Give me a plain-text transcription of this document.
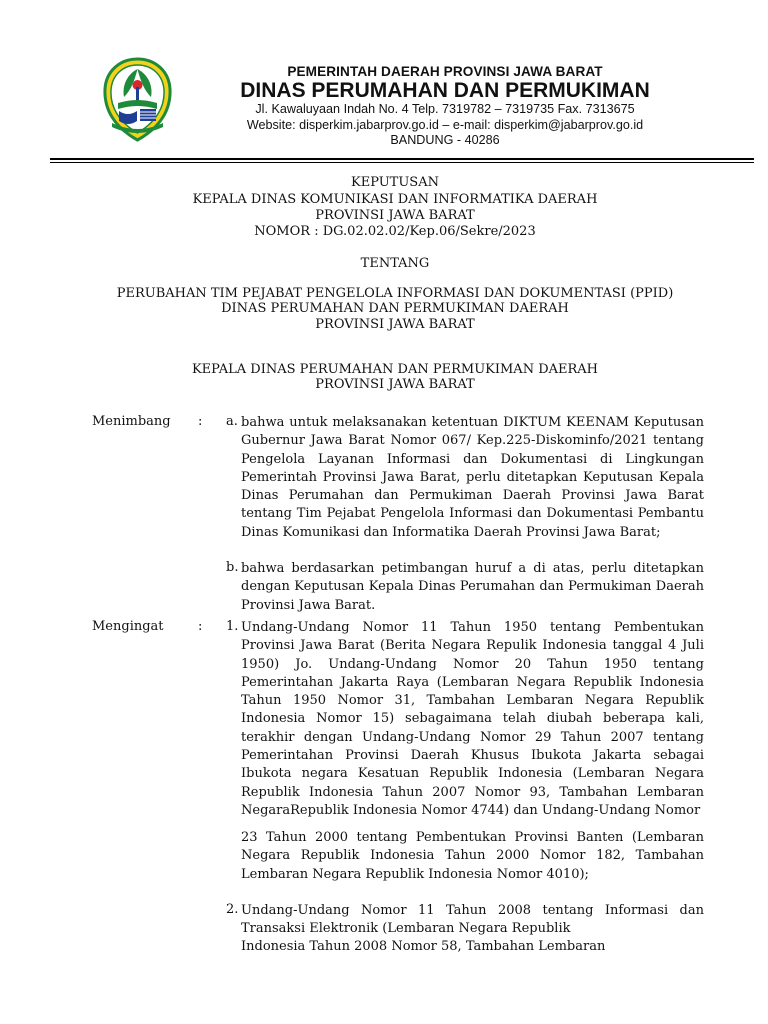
PEMERINTAH DAERAH PROVINSI JAWA BARAT
DINAS PERUMAHAN DAN PERMUKIMAN
Jl. Kawaluyaan Indah No. 4 Telp. 7319782 – 7319735 Fax. 7313675
Website: disperkim.jabarprov.go.id – e-mail: disperkim@jabarprov.go.id
BANDUNG - 40286
KEPUTUSAN
KEPALA DINAS KOMUNIKASI DAN INFORMATIKA DAERAH
PROVINSI JAWA BARAT
NOMOR : DG.02.02.02/Kep.06/Sekre/2023
TENTANG
PERUBAHAN TIM PEJABAT PENGELOLA INFORMASI DAN DOKUMENTASI (PPID)
DINAS PERUMAHAN DAN PERMUKIMAN DAERAH
PROVINSI JAWA BARAT
KEPALA DINAS PERUMAHAN DAN PERMUKIMAN DAERAH
PROVINSI JAWA BARAT
Menimbang : a. bahwa untuk melaksanakan ketentuan DIKTUM KEENAM Keputusan Gubernur Jawa Barat Nomor 067/ Kep.225-Diskominfo/2021 tentang Pengelola Layanan Informasi dan Dokumentasi di Lingkungan Pemerintah Provinsi Jawa Barat, perlu ditetapkan Keputusan Kepala Dinas Perumahan dan Permukiman Daerah Provinsi Jawa Barat tentang Tim Pejabat Pengelola Informasi dan Dokumentasi Pembantu Dinas Komunikasi dan Informatika Daerah Provinsi Jawa Barat;
b. bahwa berdasarkan petimbangan huruf a di atas, perlu ditetapkan dengan Keputusan Kepala Dinas Perumahan dan Permukiman Daerah Provinsi Jawa Barat.
Mengingat	: 1. Undang-Undang Nomor 11 Tahun 1950 tentang Pembentukan Provinsi Jawa Barat (Berita Negara Repulik Indonesia tanggal 4 Juli 1950) Jo. Undang-Undang Nomor 20 Tahun 1950 tentang Pemerintahan Jakarta Raya (Lembaran Negara Republik Indonesia Tahun 1950 Nomor 31, Tambahan Lembaran Negara Republik Indonesia Nomor 15) sebagaimana telah diubah beberapa kali, terakhir dengan Undang-Undang Nomor 29 Tahun 2007 tentang Pemerintahan Provinsi Daerah Khusus Ibukota Jakarta sebagai Ibukota negara Kesatuan Republik Indonesia (Lembaran Negara Republik Indonesia Tahun 2007 Nomor 93, Tambahan Lembaran NegaraRepublik Indonesia Nomor 4744) dan Undang-Undang Nomor
23 Tahun 2000 tentang Pembentukan Provinsi Banten (Lembaran Negara Republik Indonesia Tahun 2000 Nomor 182, Tambahan Lembaran Negara Republik Indonesia Nomor 4010);
2. Undang-Undang Nomor 11 Tahun 2008 tentang Informasi dan Transaksi Elektronik (Lembaran Negara Republik
Indonesia Tahun 2008 Nomor 58, Tambahan Lembaran
